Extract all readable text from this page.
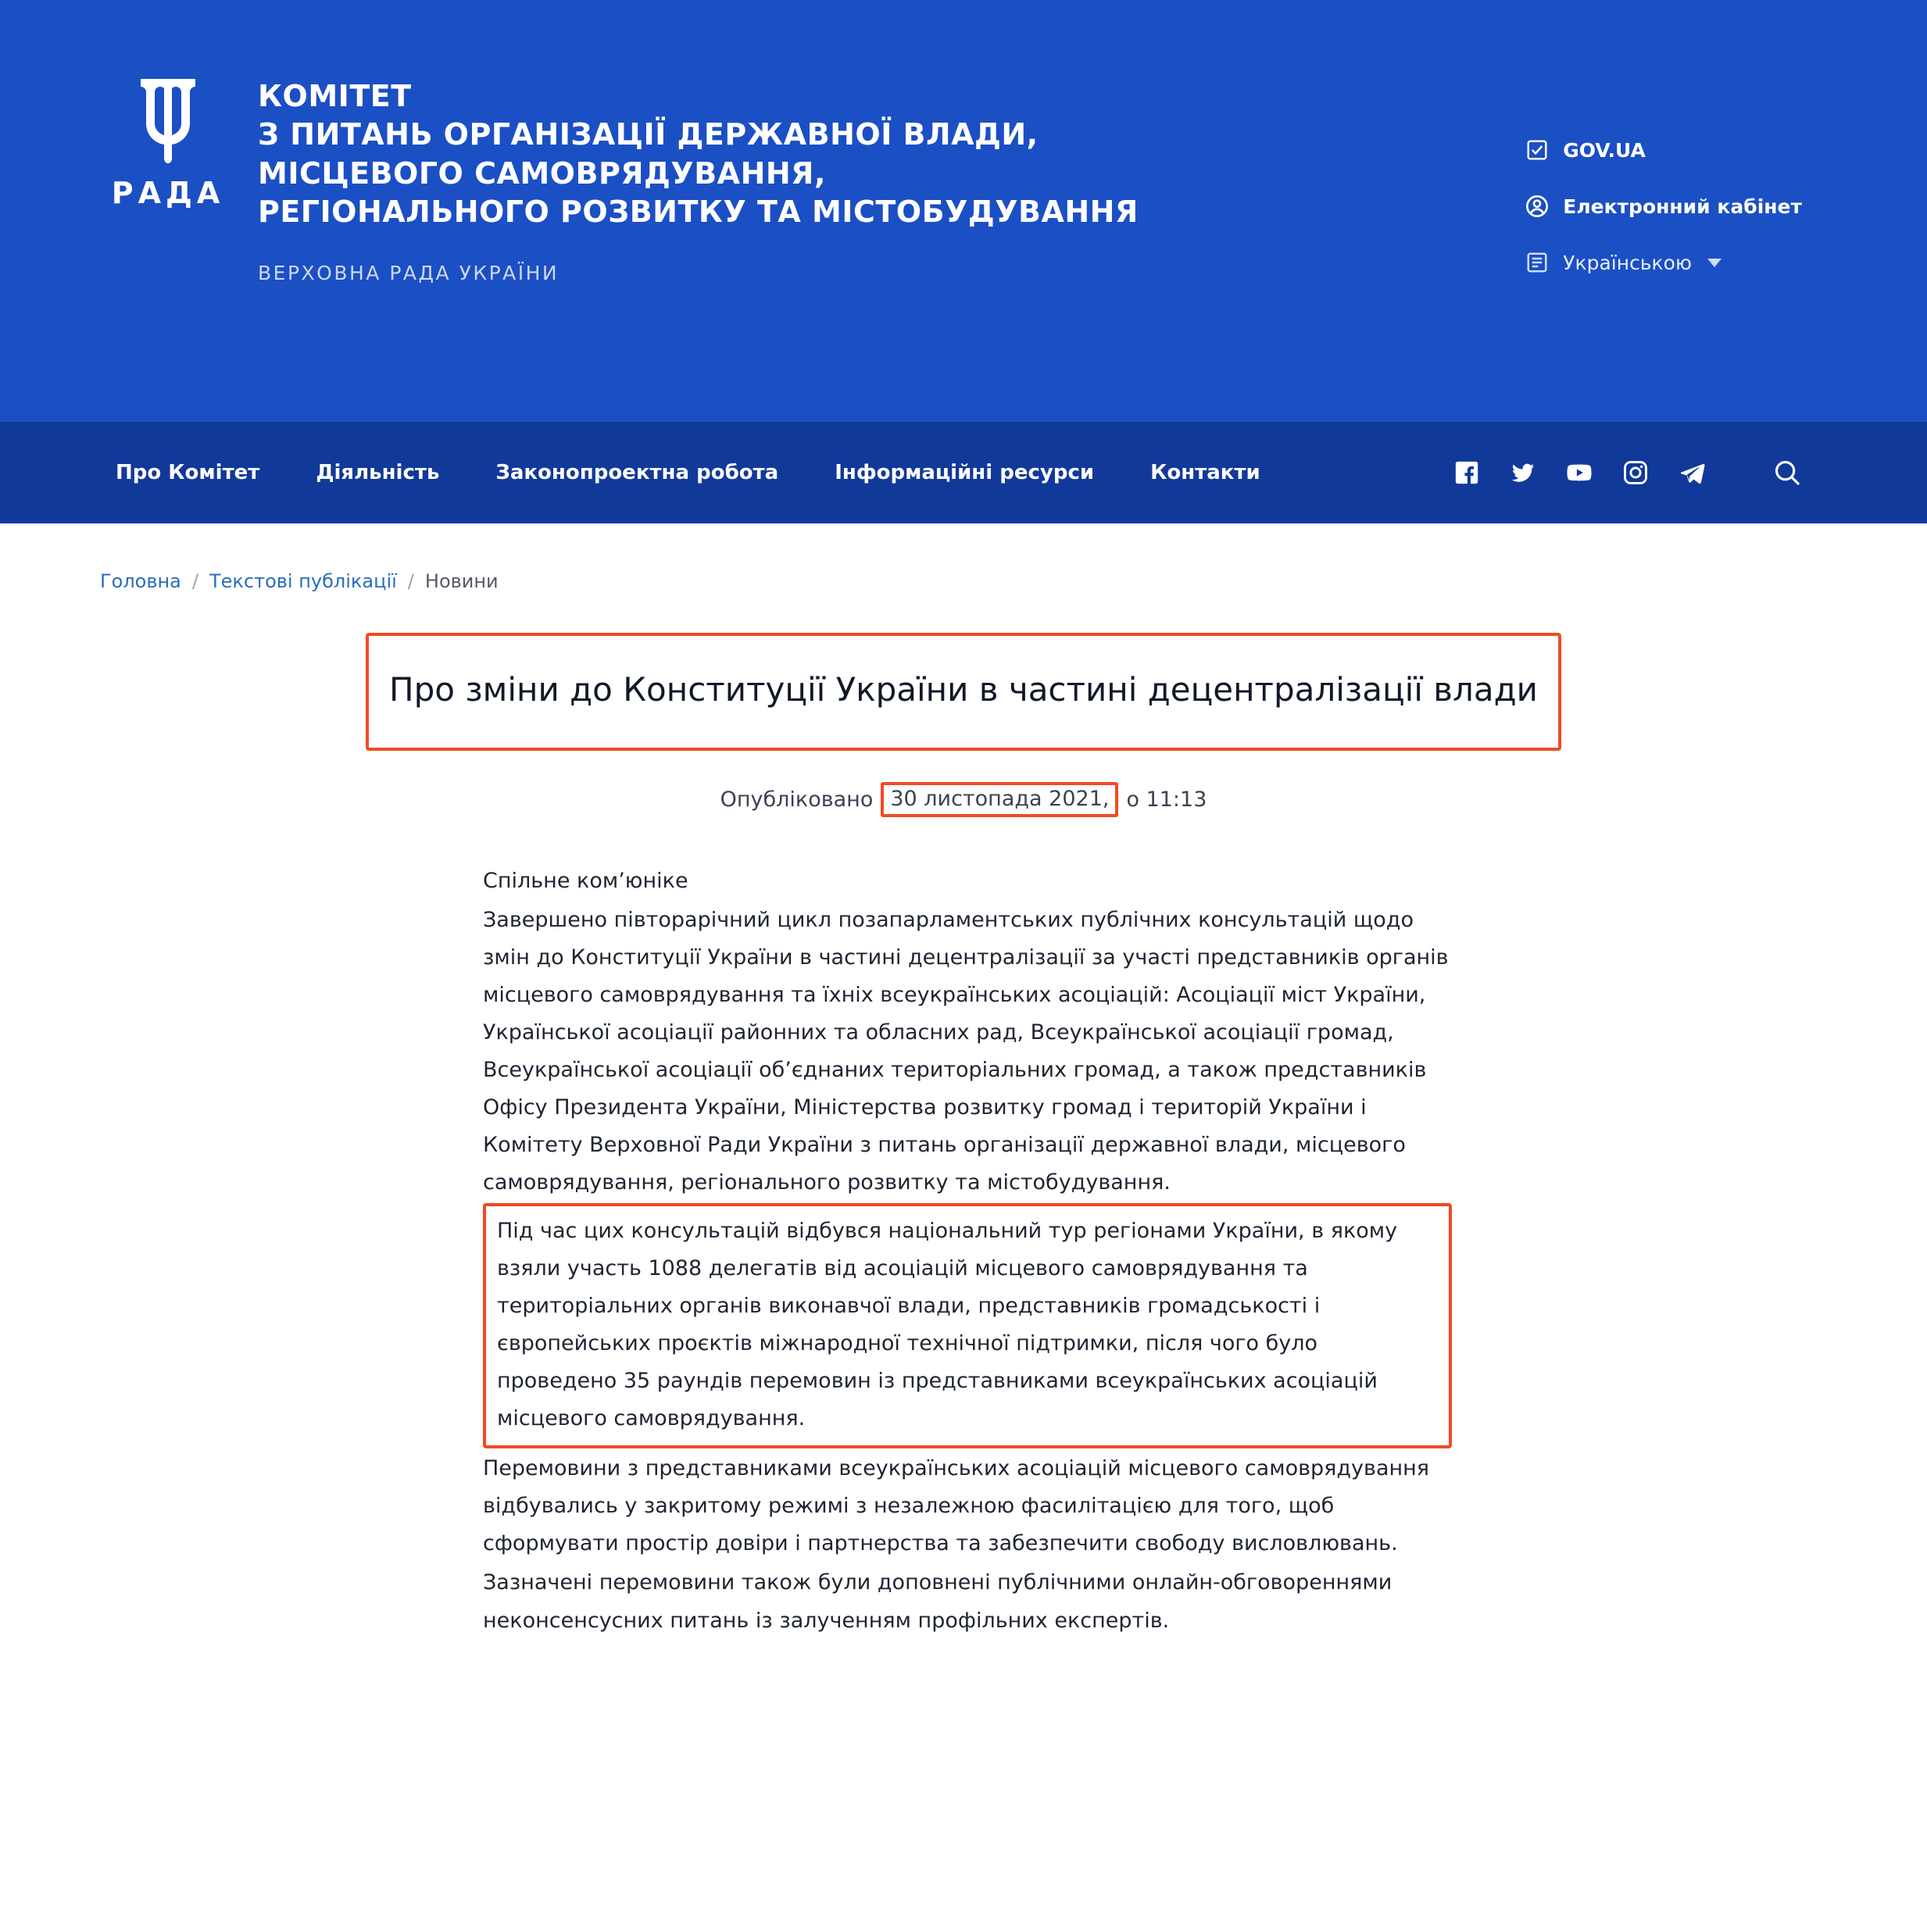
РАДА
КОМІТЕТ
З ПИТАНЬ ОРГАНІЗАЦІЇ ДЕРЖАВНОЇ ВЛАДИ,
МІСЦЕВОГО САМОВРЯДУВАННЯ,
РЕГІОНАЛЬНОГО РОЗВИТКУ ТА МІСТОБУДУВАННЯ
ВЕРХОВНА РАДА УКРАЇНИ
GOV.UA
Електронний кабінет
Українською
Про Комітет	Діяльність	Законопроектна робота	Інформаційні ресурси	Контакти
Головна / Текстові публікації / Новини
Про зміни до Конституції України в частині децентралізації влади
Опубліковано 30 листопада 2021, о 11:13

Спільне ком’юніке

Завершено півторарічний цикл позапарламентських публічних консультацій щодо змін до Конституції України в частині децентралізації за участі представників органів місцевого самоврядування та їхніх всеукраїнських асоціацій: Асоціації міст України, Української асоціації районних та обласних рад, Всеукраїнської асоціації громад, Всеукраїнської асоціації об’єднаних територіальних громад, а також представників Офісу Президента України, Міністерства розвитку громад і територій України і Комітету Верховної Ради України з питань організації державної влади, місцевого самоврядування, регіонального розвитку та містобудування.

Під час цих консультацій відбувся національний тур регіонами України, в якому взяли участь 1088 делегатів від асоціацій місцевого самоврядування та територіальних органів виконавчої влади, представників громадськості і європейських проєктів міжнародної технічної підтримки, після чого було проведено 35 раундів перемовин із представниками всеукраїнських асоціацій місцевого самоврядування.

Перемовини з представниками всеукраїнських асоціацій місцевого самоврядування відбувались у закритому режимі з незалежною фасилітацією для того, щоб сформувати простір довіри і партнерства та забезпечити свободу висловлювань.

Зазначені перемовини також були доповнені публічними онлайн-обговореннями неконсенсусних питань із залученням профільних експертів.
